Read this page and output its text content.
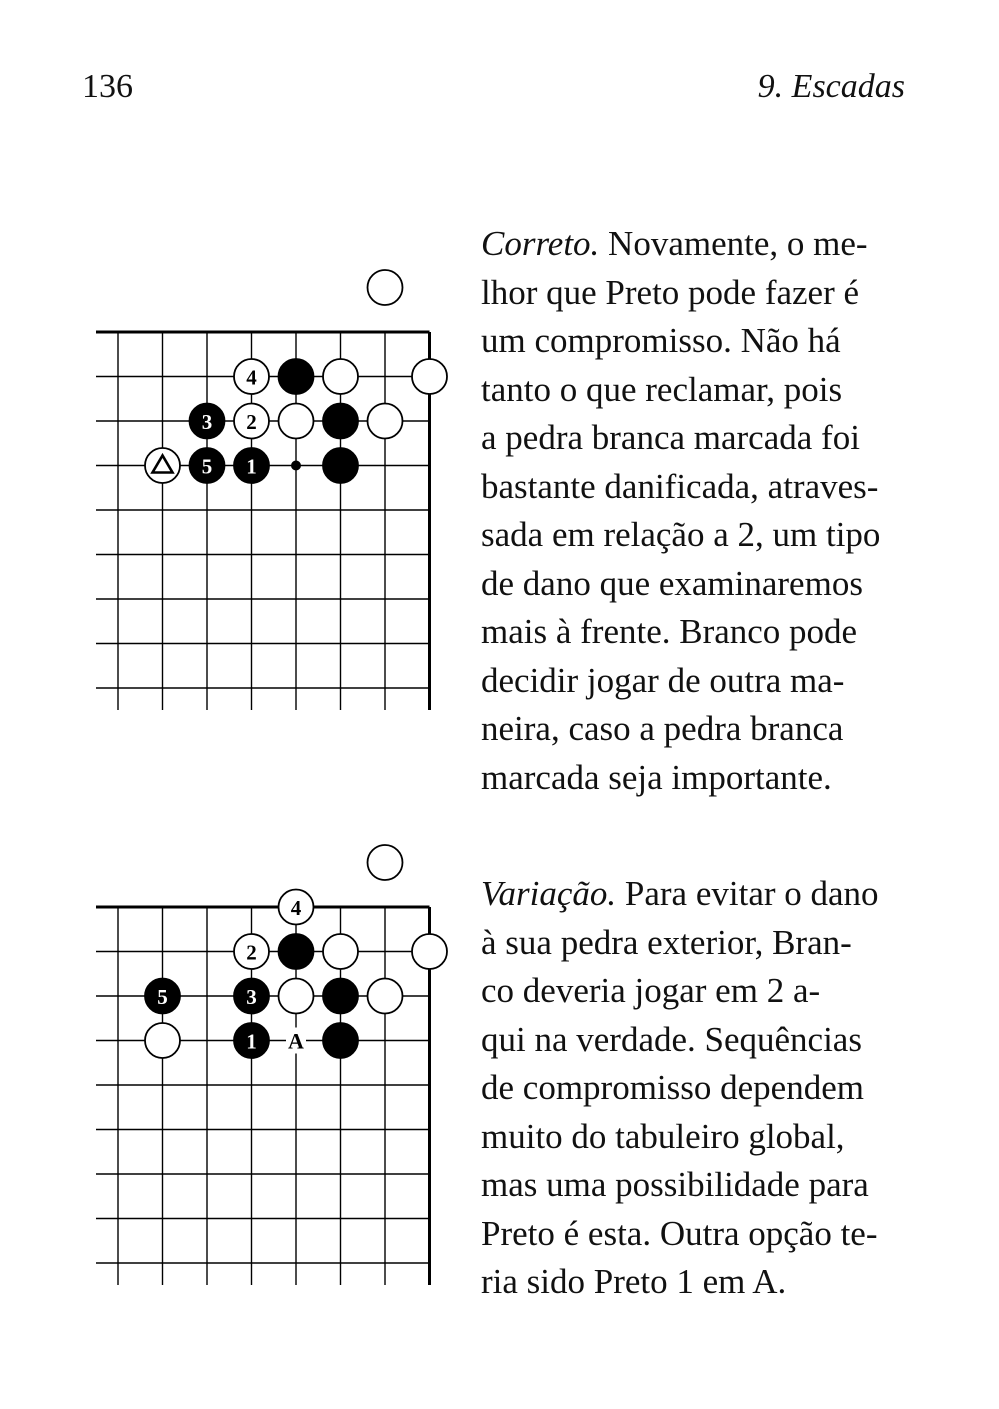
136	9. Escadas
4
3 2
5 1
A
4
2
5	3
1
Correto. Novamente, o me-
lhor que Preto pode fazer é
um compromisso. Não há
tanto o que reclamar, pois
a pedra branca marcada foi
bastante danificada, atraves-
sada em relação a 2, um tipo
de dano que examinaremos
mais à frente. Branco pode
decidir jogar de outra ma-
neira, caso a pedra branca
marcada seja importante.
Variação. Para evitar o dano
à sua pedra exterior, Bran-
co deveria jogar em 2 a-
qui na verdade. Sequências
de compromisso dependem
muito do tabuleiro global,
mas uma possibilidade para
Preto é esta. Outra opção te-
ria sido Preto 1 em A.
